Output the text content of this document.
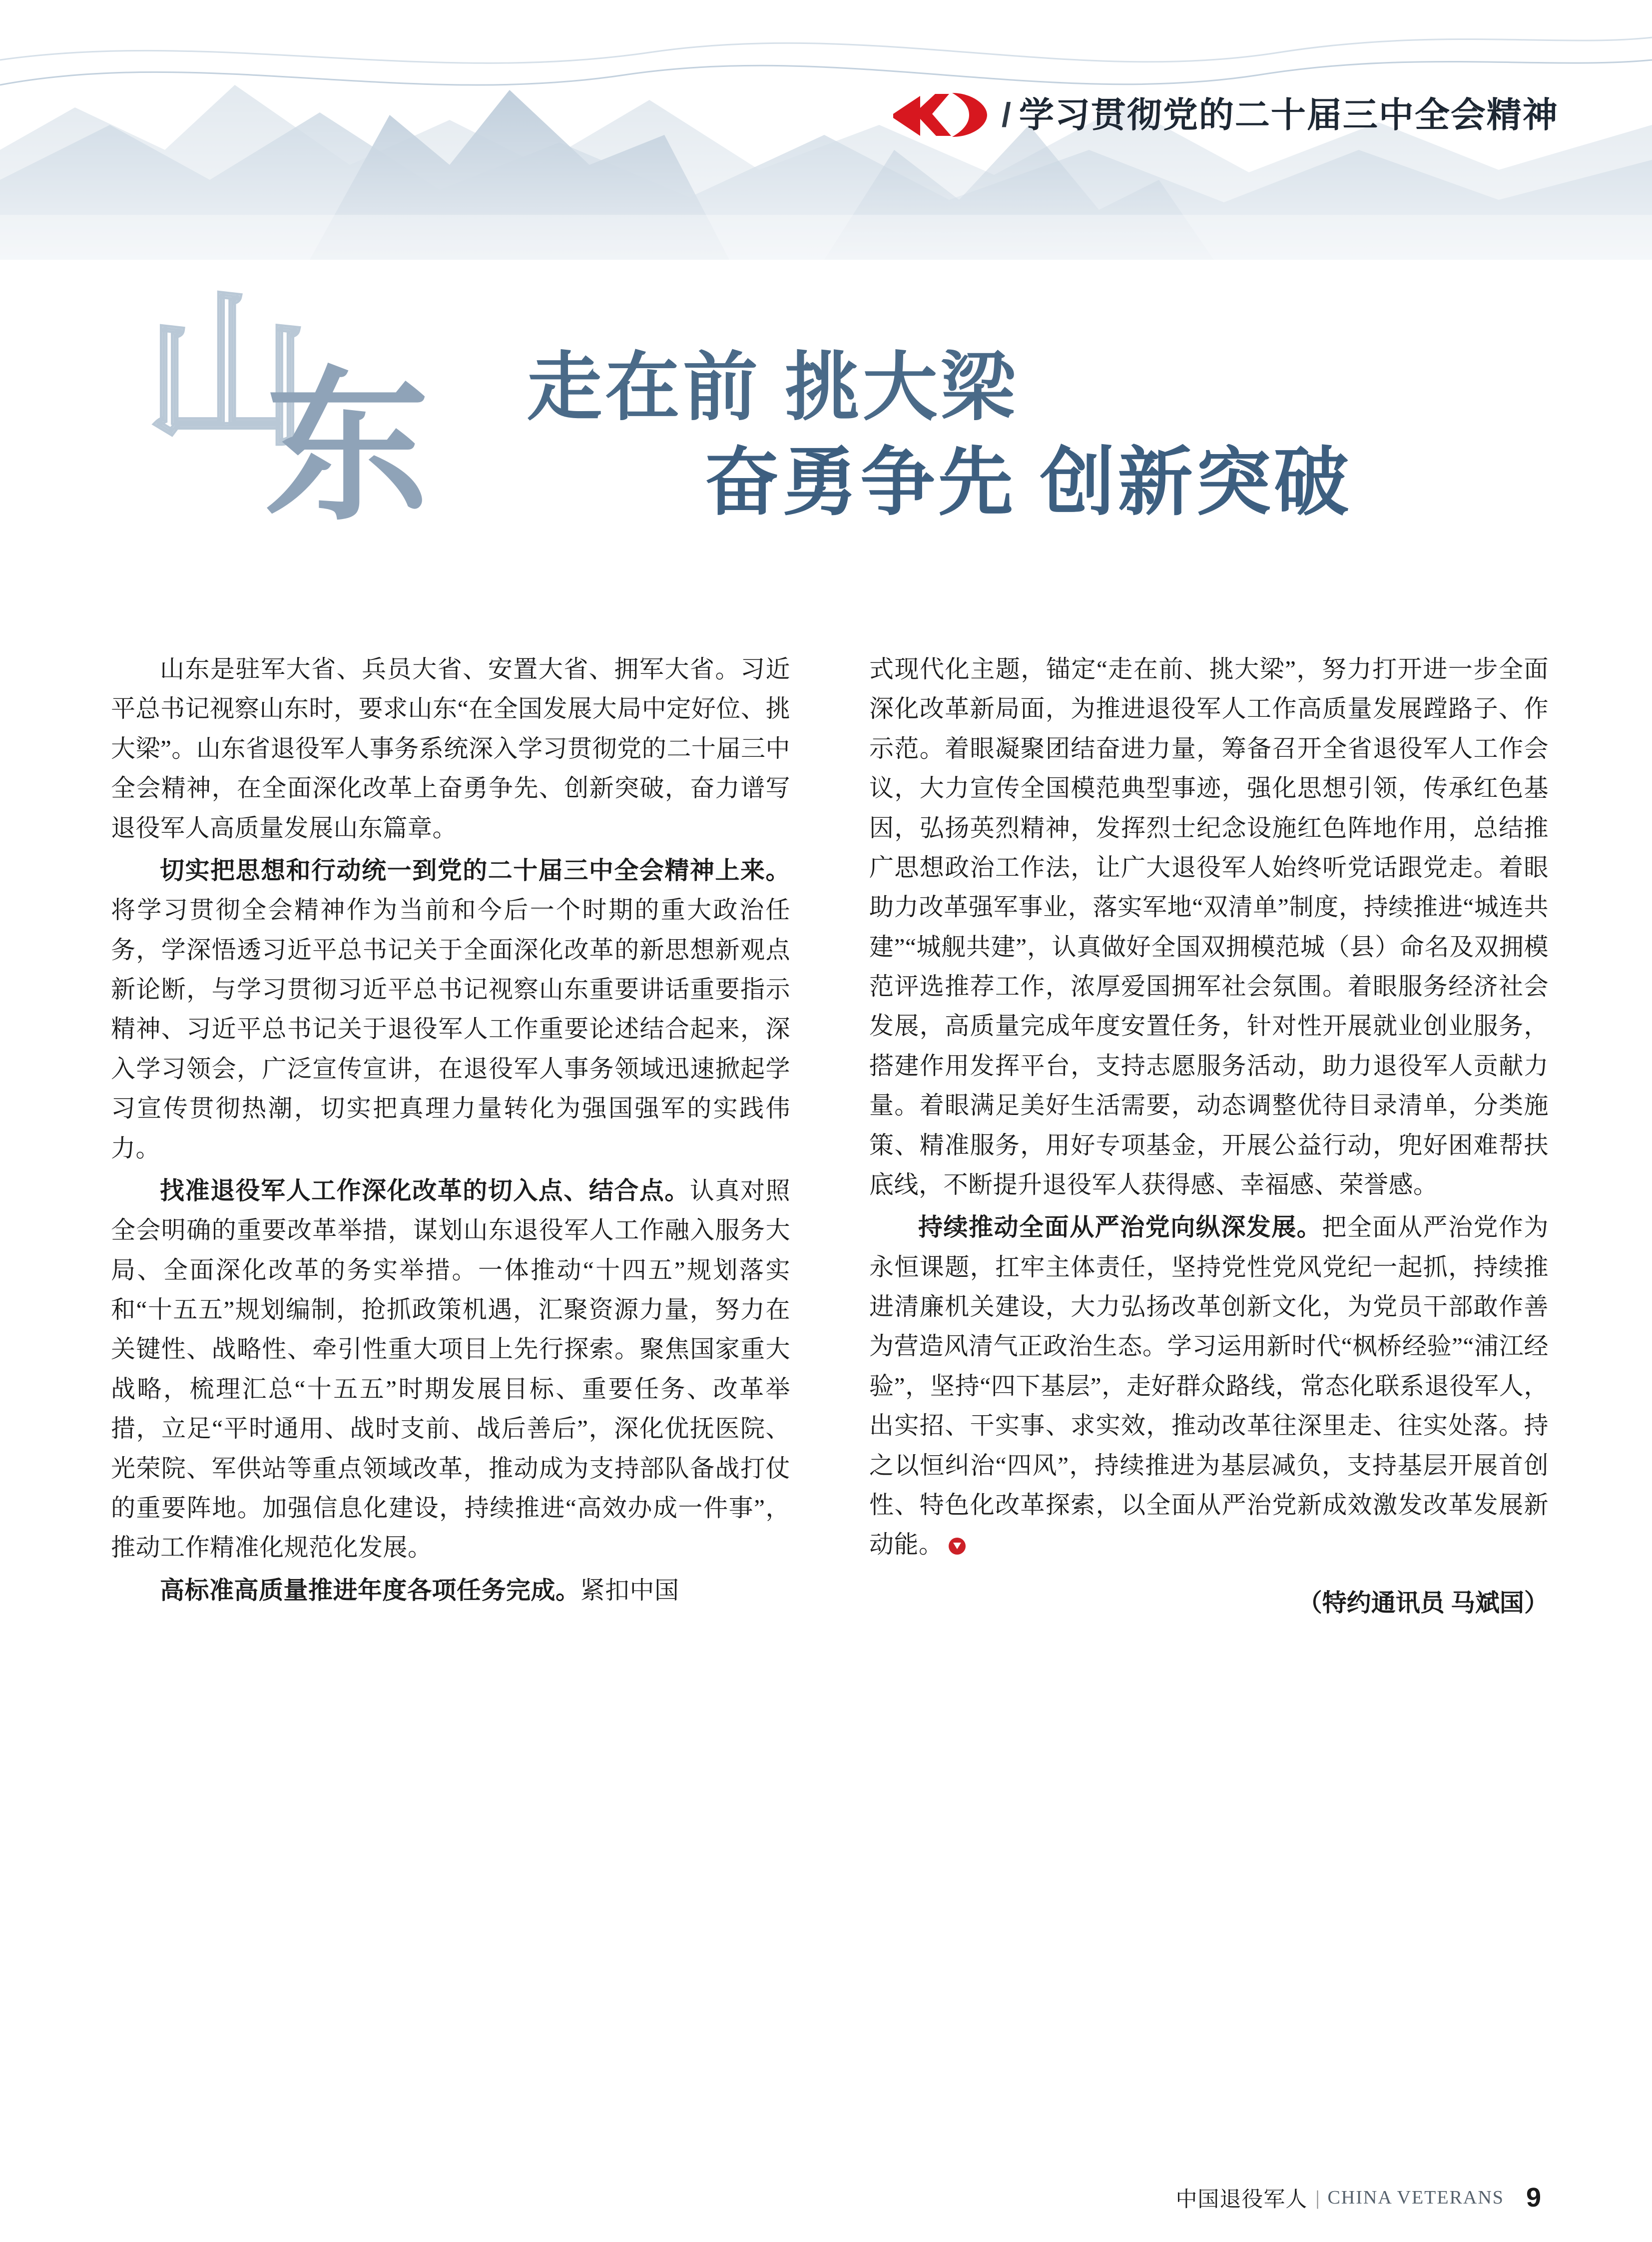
/ 学习贯彻党的二十届三中全会精神
山
东 走在前 挑大梁
奋勇争先 创新突破

山东是驻军大省、兵员大省、安置大省、拥军大省。习近平总书记视察山东时，要求山东“在全国发展大局中定好位、挑大梁”。山东省退役军人事务系统深入学习贯彻党的二十届三中全会精神，在全面深化改革上奋勇争先、创新突破，奋力谱写退役军人高质量发展山东篇章。

切实把思想和行动统一到党的二十届三中全会精神上来。将学习贯彻全会精神作为当前和今后一个时期的重大政治任务，学深悟透习近平总书记关于全面深化改革的新思想新观点新论断，与学习贯彻习近平总书记视察山东重要讲话重要指示精神、习近平总书记关于退役军人工作重要论述结合起来，深入学习领会，广泛宣传宣讲，在退役军人事务领域迅速掀起学习宣传贯彻热潮，切实把真理力量转化为强国强军的实践伟力。

找准退役军人工作深化改革的切入点、结合点。认真对照全会明确的重要改革举措，谋划山东退役军人工作融入服务大局、全面深化改革的务实举措。一体推动“十四五”规划落实和“十五五”规划编制，抢抓政策机遇，汇聚资源力量，努力在关键性、战略性、牵引性重大项目上先行探索。聚焦国家重大战略，梳理汇总“十五五”时期发展目标、重要任务、改革举措，立足“平时通用、战时支前、战后善后”，深化优抚医院、光荣院、军供站等重点领域改革，推动成为支持部队备战打仗的重要阵地。加强信息化建设，持续推进“高效办成一件事”，推动工作精准化规范化发展。

高标准高质量推进年度各项任务完成。紧扣中国

式现代化主题，锚定“走在前、挑大梁”，努力打开进一步全面深化改革新局面，为推进退役军人工作高质量发展蹚路子、作示范。着眼凝聚团结奋进力量，筹备召开全省退役军人工作会议，大力宣传全国模范典型事迹，强化思想引领，传承红色基因，弘扬英烈精神，发挥烈士纪念设施红色阵地作用，总结推广思想政治工作法，让广大退役军人始终听党话跟党走。着眼助力改革强军事业，落实军地“双清单”制度，持续推进“城连共建”“城舰共建”，认真做好全国双拥模范城（县）命名及双拥模范评选推荐工作，浓厚爱国拥军社会氛围。着眼服务经济社会发展，高质量完成年度安置任务，针对性开展就业创业服务，搭建作用发挥平台，支持志愿服务活动，助力退役军人贡献力量。着眼满足美好生活需要，动态调整优待目录清单，分类施策、精准服务，用好专项基金，开展公益行动，兜好困难帮扶底线，不断提升退役军人获得感、幸福感、荣誉感。

持续推动全面从严治党向纵深发展。把全面从严治党作为永恒课题，扛牢主体责任，坚持党性党风党纪一起抓，持续推进清廉机关建设，大力弘扬改革创新文化，为党员干部敢作善为营造风清气正政治生态。学习运用新时代“枫桥经验”“浦江经验”，坚持“四下基层”，走好群众路线，常态化联系退役军人，出实招、干实事、求实效，推动改革往深里走、往实处落。持之以恒纠治“四风”，持续推进为基层减负，支持基层开展首创性、特色化改革探索，以全面从严治党新成效激发改革发展新动能。

（特约通讯员 马斌国）
中国退役军人 | CHINA VETERANS 9
